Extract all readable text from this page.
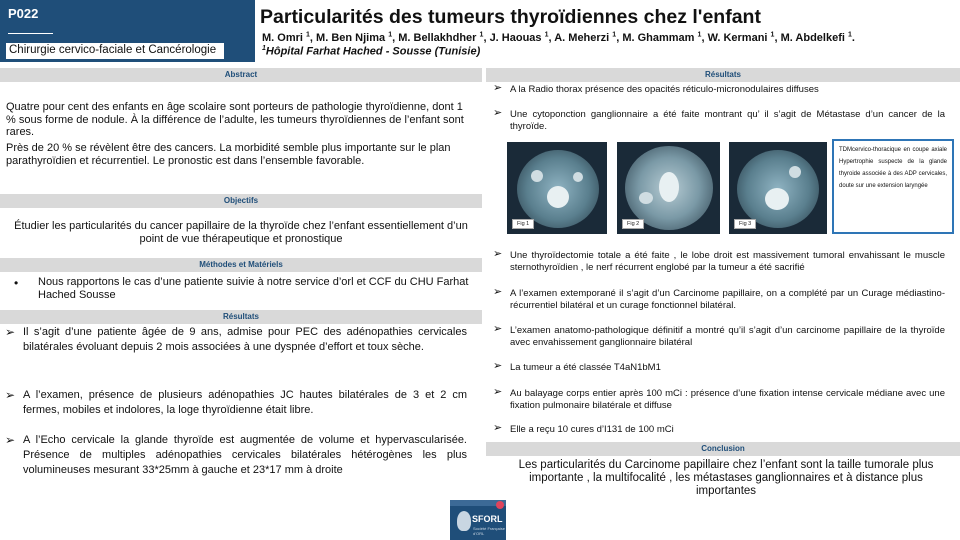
P022
Chirurgie cervico-faciale et Cancérologie
Particularités des tumeurs thyroïdiennes chez l'enfant
M. Omri $^1$, M. Ben Njima $^1$, M. Bellakhdher $^1$, J. Haouas $^1$, A. Meherzi $^1$, M. Ghammam $^1$, W. Kermani $^1$, M. Abdelkefi $^1$.
$^1$Hôpital Farhat Hached - Sousse (Tunisie)
Abstract
Quatre pour cent des enfants en âge scolaire sont porteurs de pathologie thyroïdienne, dont 1 % sous forme de nodule. À la différence de l’adulte, les tumeurs thyroïdiennes de l’enfant sont rares.
Près de 20 % se révèlent être des cancers. La morbidité semble plus importante sur le plan parathyroïdien et récurrentiel. Le pronostic est dans l’ensemble favorable.
Objectifs
Étudier les particularités du cancer papillaire de la thyroïde chez l’enfant essentiellement d’un point de vue thérapeutique et pronostique
Méthodes et Matériels
• Nous rapportons le cas d’une patiente suivie à notre service d’orl et CCF du CHU Farhat Hached Sousse
Résultats
➢ Il s’agit d’une patiente âgée de 9 ans, admise pour PEC des adénopathies cervicales bilatérales évoluant depuis 2 mois associées à une dyspnée d’effort et toux sèche.
➢ A l’examen, présence de plusieurs adénopathies JC hautes bilatérales de 3 et 2 cm fermes, mobiles et indolores, la loge thyroïdienne était libre.
➢ A l’Echo cervicale la glande thyroïde est augmentée de volume et hypervascularisée. Présence de multiples adénopathies cervicales bilatérales hétérogènes les plus volumineuses mesurant 33*25mm à gauche et 23*17 mm à droite
Résultats
➢ A la Radio thorax présence des opacités réticulo-micronodulaires diffuses
➢ Une cytoponction ganglionnaire a été faite montrant qu’ il s’agit de Métastase d’un cancer de la thyroïde.
Fig 1	Fig 2	Fig 3
TDMcervico-thoracique en coupe axiale Hypertrophie suspecte de la glande thyroide associée à des ADP cervicales, doute sur une extension laryngée
➢ Une thyroïdectomie totale a été faite , le lobe droit est massivement tumoral envahissant le muscle sternothyroïdien , le nerf récurrent englobé par la tumeur a été sacrifié
➢ A l’examen extemporané il s’agit d’un Carcinome papillaire, on a complété par un Curage médiastino-récurrentiel bilatéral et un curage fonctionnel bilatéral.
➢ L’examen anatomo-pathologique définitif a montré qu’il s’agit d’un carcinome papillaire de la thyroïde avec envahissement ganglionnaire bilatéral
➢ La tumeur a été classée T4aN1bM1
➢ Au balayage corps entier après 100 mCi : présence d’une fixation intense cervicale médiane avec une fixation pulmonaire bilatérale et diffuse
➢ Elle a reçu 10 cures d’I131 de 100 mCi
Conclusion
Les particularités du Carcinome papillaire chez l’enfant sont la taille tumorale plus importante , la multifocalité , les métastases ganglionnaires et à distance plus importantes
SFORL
Société Française d'ORL
